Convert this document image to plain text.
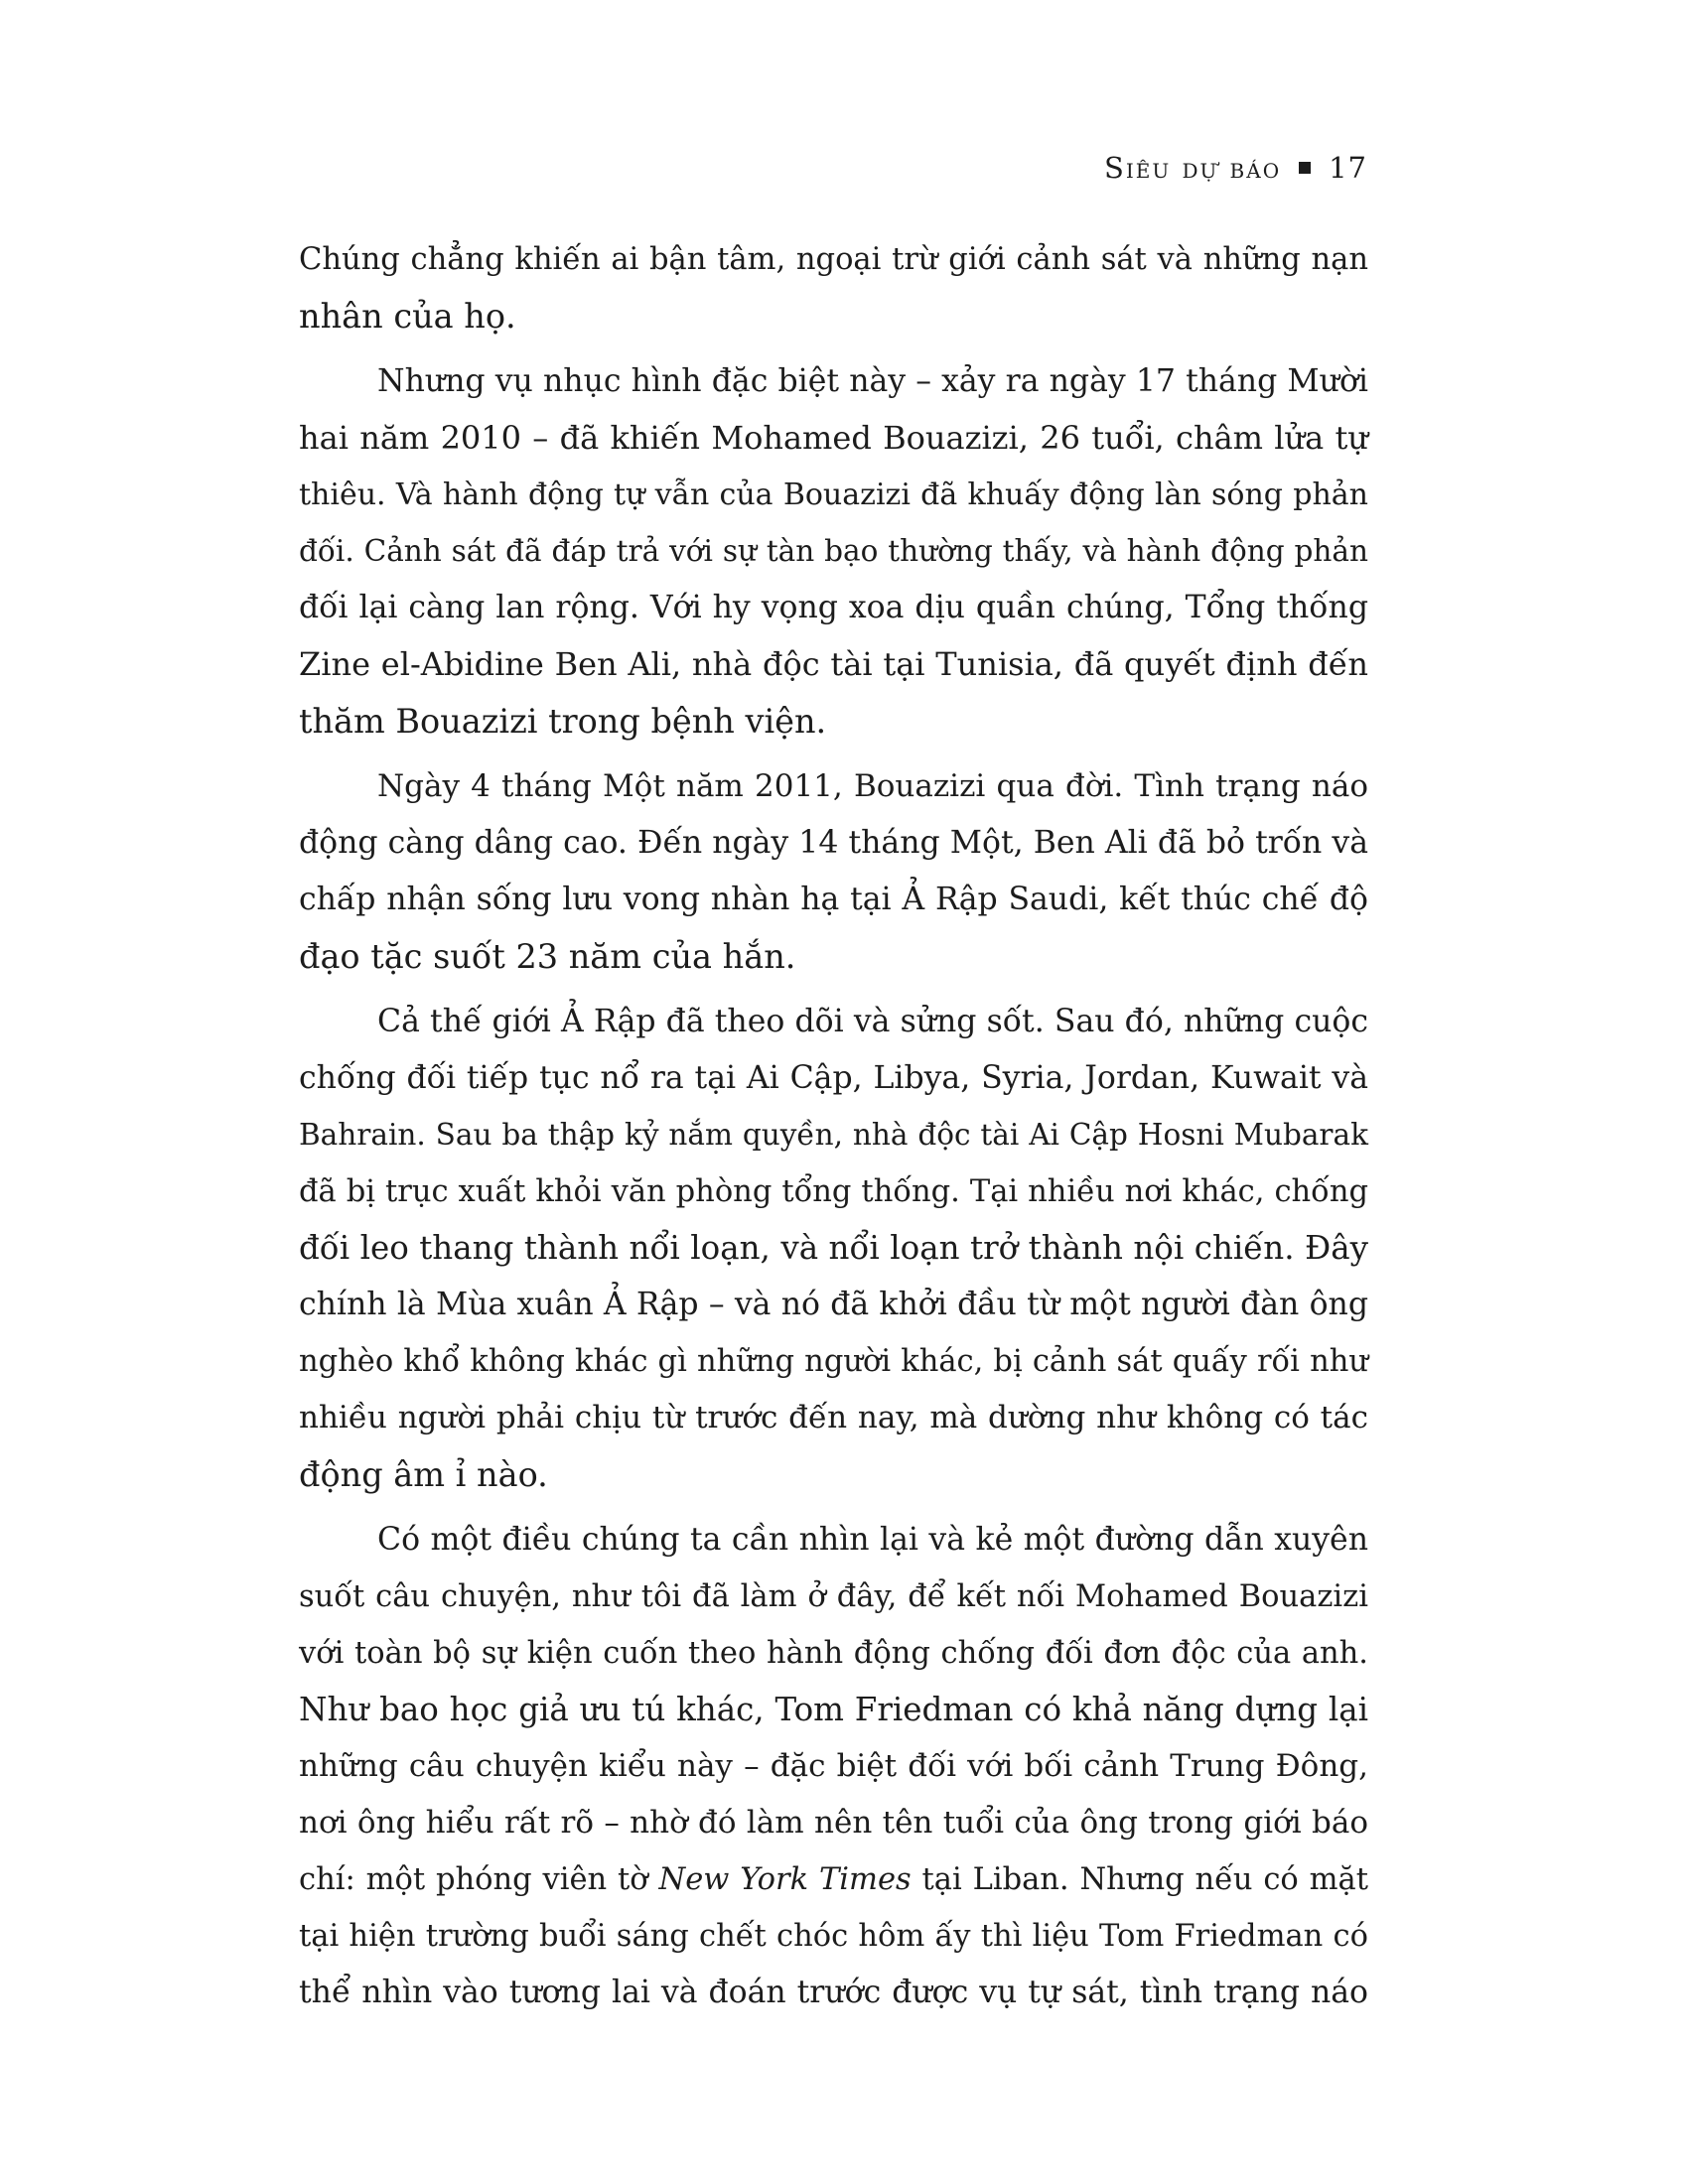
Siêu dự báo 17
Chúng chẳng khiến ai bận tâm, ngoại trừ giới cảnh sát và những nạn
nhân của họ.
Nhưng vụ nhục hình đặc biệt này – xảy ra ngày 17 tháng Mười
hai năm 2010 – đã khiến Mohamed Bouazizi, 26 tuổi, châm lửa tự
thiêu. Và hành động tự vẫn của Bouazizi đã khuấy động làn sóng phản
đối. Cảnh sát đã đáp trả với sự tàn bạo thường thấy, và hành động phản
đối lại càng lan rộng. Với hy vọng xoa dịu quần chúng, Tổng thống
Zine el-Abidine Ben Ali, nhà độc tài tại Tunisia, đã quyết định đến
thăm Bouazizi trong bệnh viện.
Ngày 4 tháng Một năm 2011, Bouazizi qua đời. Tình trạng náo
động càng dâng cao. Đến ngày 14 tháng Một, Ben Ali đã bỏ trốn và
chấp nhận sống lưu vong nhàn hạ tại Ả Rập Saudi, kết thúc chế độ
đạo tặc suốt 23 năm của hắn.
Cả thế giới Ả Rập đã theo dõi và sửng sốt. Sau đó, những cuộc
chống đối tiếp tục nổ ra tại Ai Cập, Libya, Syria, Jordan, Kuwait và
Bahrain. Sau ba thập kỷ nắm quyền, nhà độc tài Ai Cập Hosni Mubarak
đã bị trục xuất khỏi văn phòng tổng thống. Tại nhiều nơi khác, chống
đối leo thang thành nổi loạn, và nổi loạn trở thành nội chiến. Đây
chính là Mùa xuân Ả Rập – và nó đã khởi đầu từ một người đàn ông
nghèo khổ không khác gì những người khác, bị cảnh sát quấy rối như
nhiều người phải chịu từ trước đến nay, mà dường như không có tác
động âm ỉ nào.
Có một điều chúng ta cần nhìn lại và kẻ một đường dẫn xuyên
suốt câu chuyện, như tôi đã làm ở đây, để kết nối Mohamed Bouazizi
với toàn bộ sự kiện cuốn theo hành động chống đối đơn độc của anh.
Như bao học giả ưu tú khác, Tom Friedman có khả năng dựng lại
những câu chuyện kiểu này – đặc biệt đối với bối cảnh Trung Đông,
nơi ông hiểu rất rõ – nhờ đó làm nên tên tuổi của ông trong giới báo
chí: một phóng viên tờ New York Times tại Liban. Nhưng nếu có mặt
tại hiện trường buổi sáng chết chóc hôm ấy thì liệu Tom Friedman có
thể nhìn vào tương lai và đoán trước được vụ tự sát, tình trạng náo
